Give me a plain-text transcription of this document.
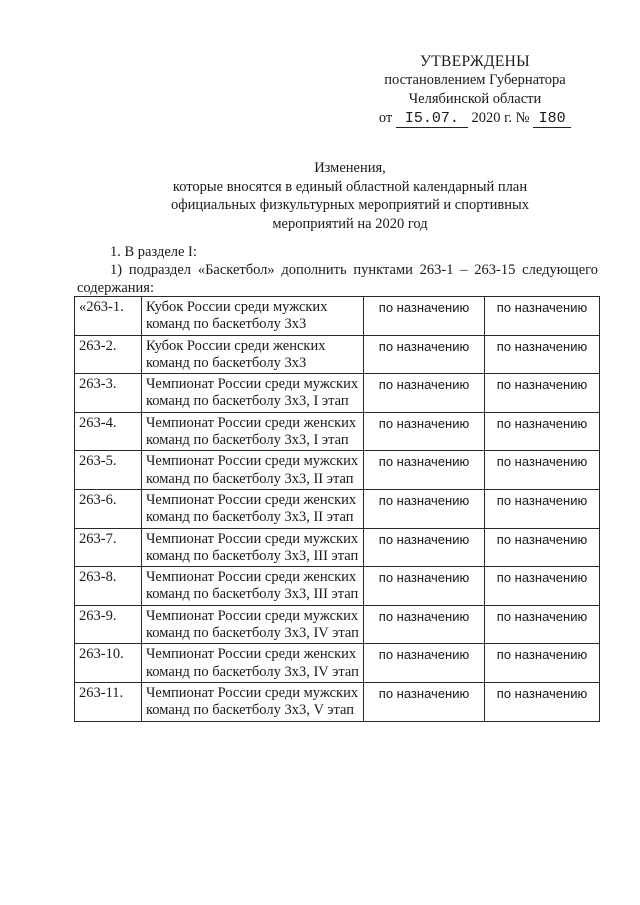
УТВЕРЖДЕНЫ
постановлением Губернатора
Челябинской области
от I5.07. 2020 г. № I80
Изменения,
которые вносятся в единый областной календарный план
официальных физкультурных мероприятий и спортивных
мероприятий на 2020 год
1. В разделе I:
1) подраздел «Баскетбол» дополнить пунктами 263-1 – 263-15 следующего
содержания:
«263-1.	Кубок России среди мужских команд по баскетболу 3х3	по назначению	по назначению
263-2.	Кубок России среди женских команд по баскетболу 3х3	по назначению	по назначению
263-3.	Чемпионат России среди мужских команд по баскетболу 3х3, I этап	по назначению	по назначению
263-4.	Чемпионат России среди женских команд по баскетболу 3х3, I этап	по назначению	по назначению
263-5.	Чемпионат России среди мужских команд по баскетболу 3х3, II этап	по назначению	по назначению
263-6.	Чемпионат России среди женских команд по баскетболу 3х3, II этап	по назначению	по назначению
263-7.	Чемпионат России среди мужских команд по баскетболу 3х3, III этап	по назначению	по назначению
263-8.	Чемпионат России среди женских команд по баскетболу 3х3, III этап	по назначению	по назначению
263-9.	Чемпионат России среди мужских команд по баскетболу 3х3, IV этап	по назначению	по назначению
263-10.	Чемпионат России среди женских команд по баскетболу 3х3, IV этап	по назначению	по назначению
263-11.	Чемпионат России среди мужских команд по баскетболу 3х3, V этап	по назначению	по назначению
